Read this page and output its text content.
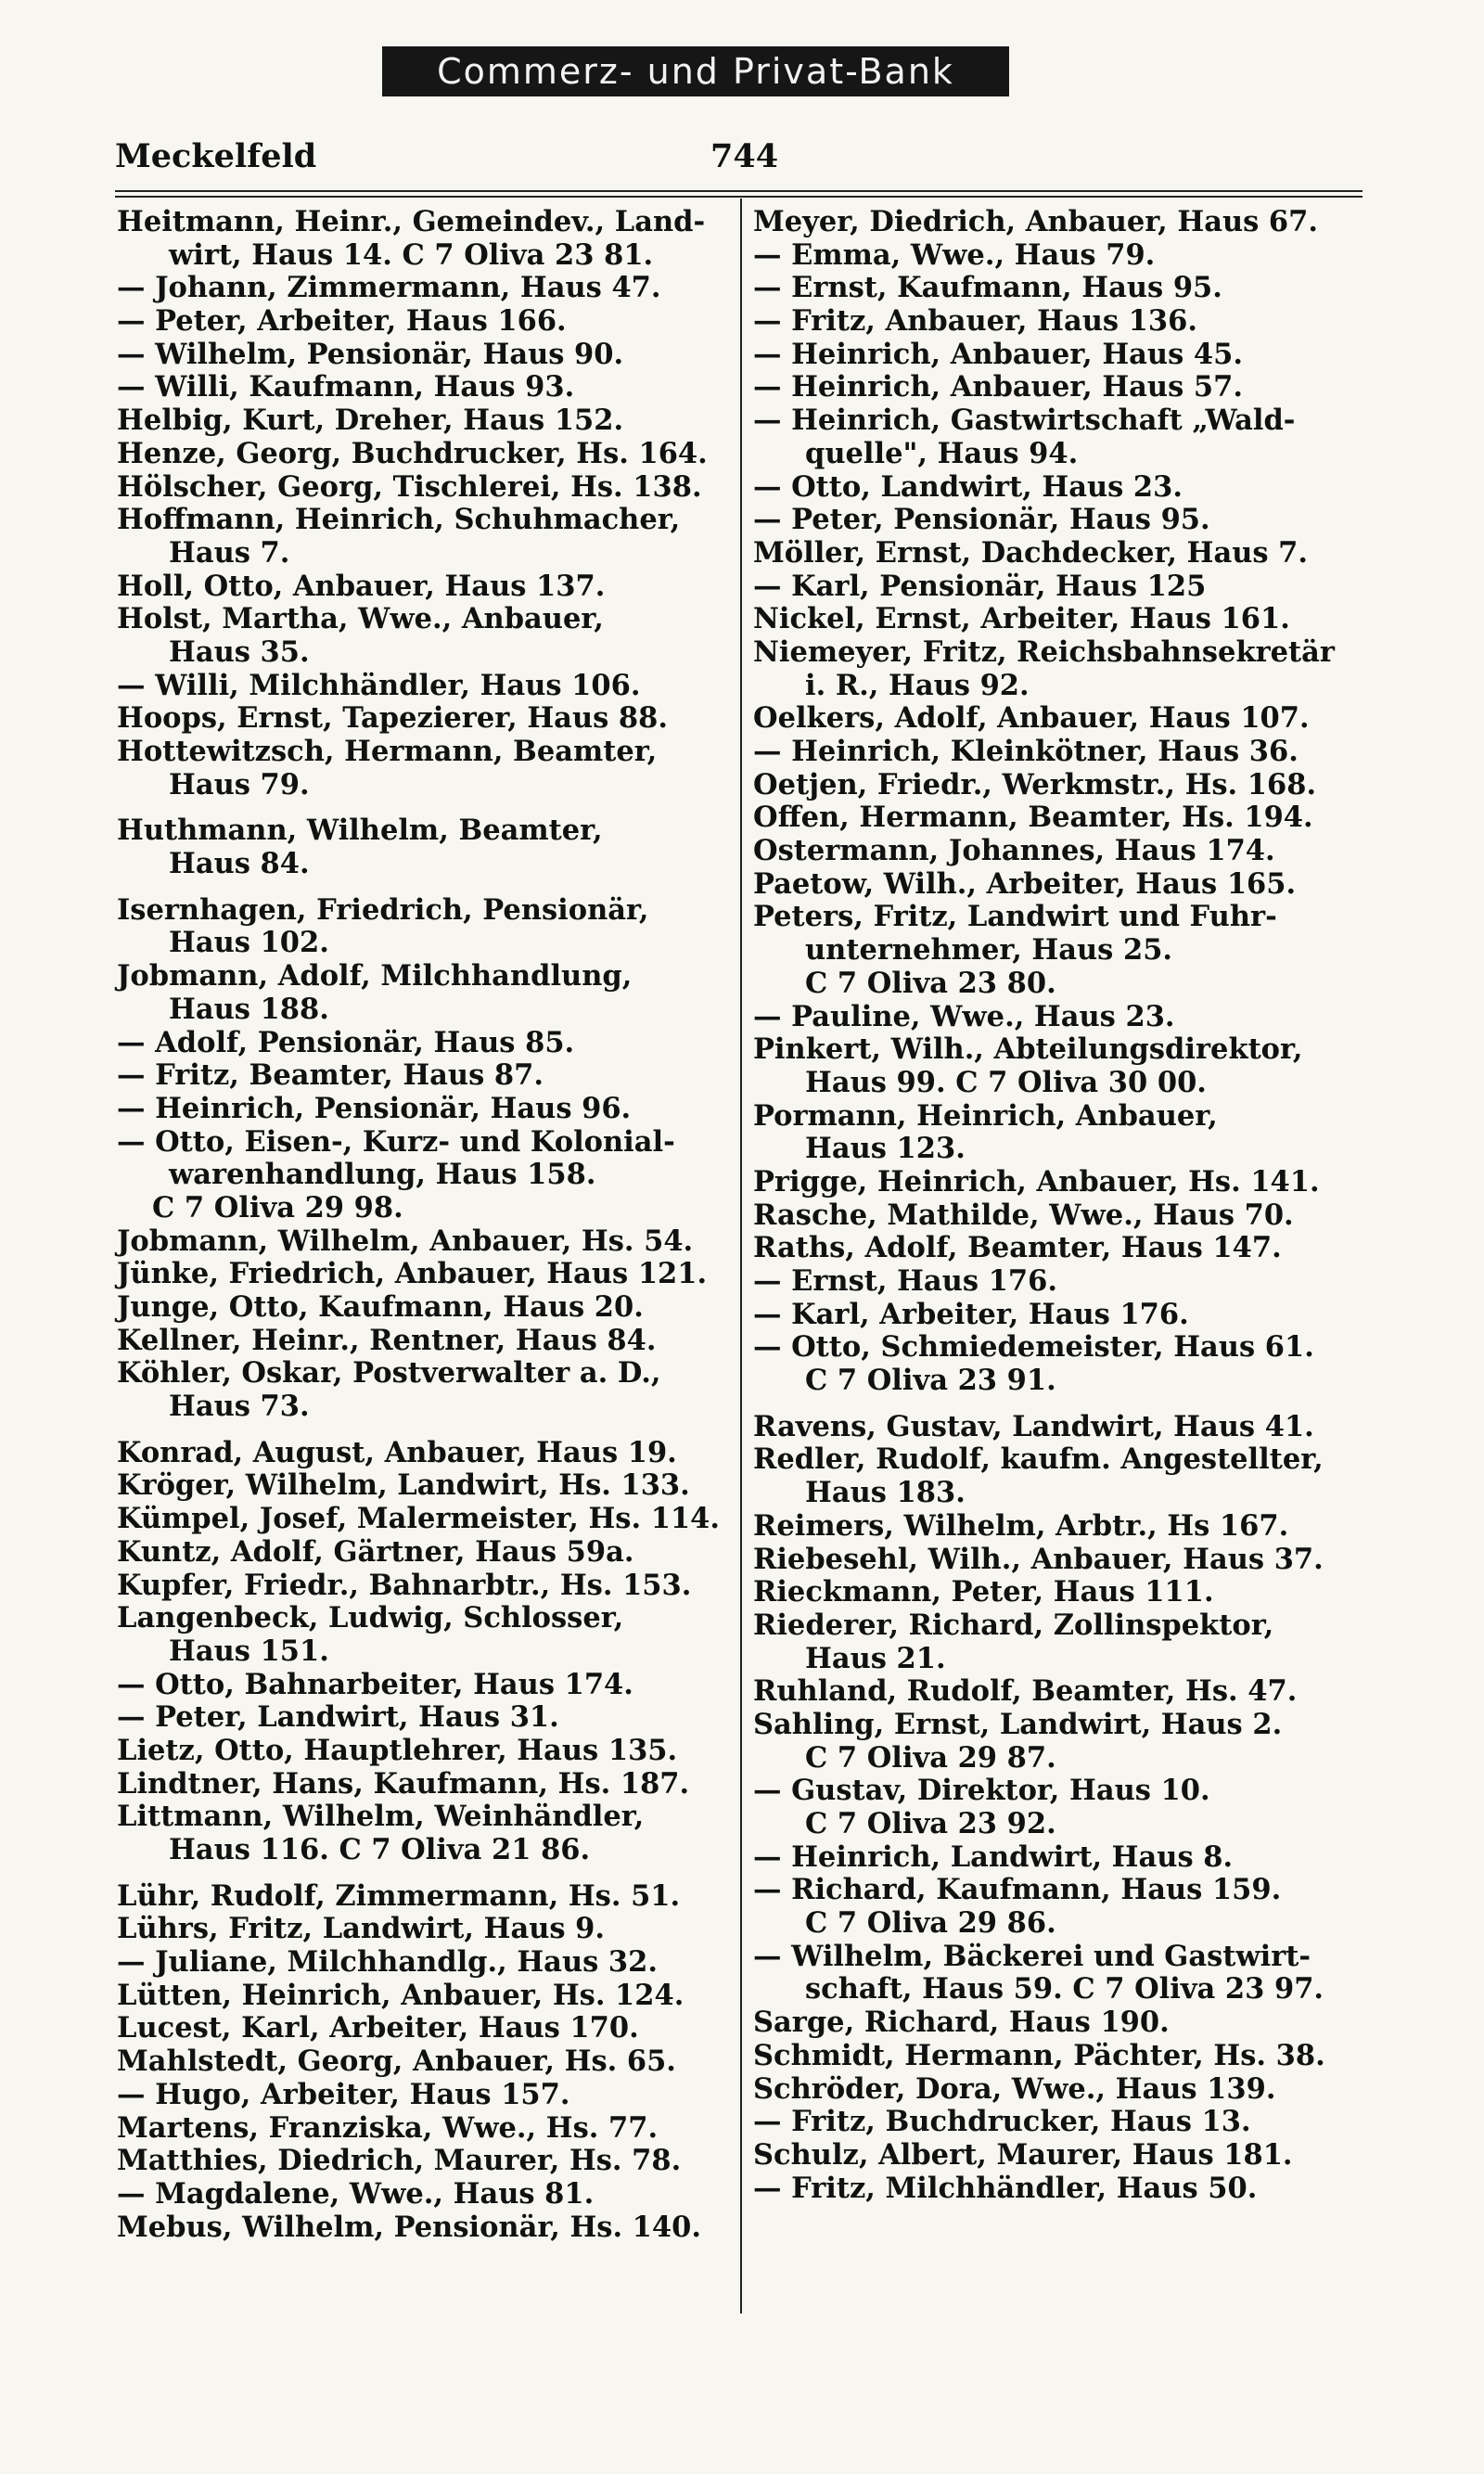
Commerz- und Privat-Bank
Meckelfeld	744
Heitmann, Heinr., Gemeindev., Land-
wirt, Haus 14. C 7 Oliva 23 81.
— Johann, Zimmermann, Haus 47.
— Peter, Arbeiter, Haus 166.
— Wilhelm, Pensionär, Haus 90.
— Willi, Kaufmann, Haus 93.
Helbig, Kurt, Dreher, Haus 152.
Henze, Georg, Buchdrucker, Hs. 164.
Hölscher, Georg, Tischlerei, Hs. 138.
Hoffmann, Heinrich, Schuhmacher,
Haus 7.
Holl, Otto, Anbauer, Haus 137.
Holst, Martha, Wwe., Anbauer,
Haus 35.
— Willi, Milchhändler, Haus 106.
Hoops, Ernst, Tapezierer, Haus 88.
Hottewitzsch, Hermann, Beamter,
Haus 79.
Huthmann, Wilhelm, Beamter,
Haus 84.
Isernhagen, Friedrich, Pensionär,
Haus 102.
Jobmann, Adolf, Milchhandlung,
Haus 188.
— Adolf, Pensionär, Haus 85.
— Fritz, Beamter, Haus 87.
— Heinrich, Pensionär, Haus 96.
— Otto, Eisen-, Kurz- und Kolonial-
warenhandlung, Haus 158.
C 7 Oliva 29 98.
Jobmann, Wilhelm, Anbauer, Hs. 54.
Jünke, Friedrich, Anbauer, Haus 121.
Junge, Otto, Kaufmann, Haus 20.
Kellner, Heinr., Rentner, Haus 84.
Köhler, Oskar, Postverwalter a. D.,
Haus 73.
Konrad, August, Anbauer, Haus 19.
Kröger, Wilhelm, Landwirt, Hs. 133.
Kümpel, Josef, Malermeister, Hs. 114.
Kuntz, Adolf, Gärtner, Haus 59a.
Kupfer, Friedr., Bahnarbtr., Hs. 153.
Langenbeck, Ludwig, Schlosser,
Haus 151.
— Otto, Bahnarbeiter, Haus 174.
— Peter, Landwirt, Haus 31.
Lietz, Otto, Hauptlehrer, Haus 135.
Lindtner, Hans, Kaufmann, Hs. 187.
Littmann, Wilhelm, Weinhändler,
Haus 116. C 7 Oliva 21 86.
Lühr, Rudolf, Zimmermann, Hs. 51.
Lührs, Fritz, Landwirt, Haus 9.
— Juliane, Milchhandlg., Haus 32.
Lütten, Heinrich, Anbauer, Hs. 124.
Lucest, Karl, Arbeiter, Haus 170.
Mahlstedt, Georg, Anbauer, Hs. 65.
— Hugo, Arbeiter, Haus 157.
Martens, Franziska, Wwe., Hs. 77.
Matthies, Diedrich, Maurer, Hs. 78.
— Magdalene, Wwe., Haus 81.
Mebus, Wilhelm, Pensionär, Hs. 140.
Meyer, Diedrich, Anbauer, Haus 67.
— Emma, Wwe., Haus 79.
— Ernst, Kaufmann, Haus 95.
— Fritz, Anbauer, Haus 136.
— Heinrich, Anbauer, Haus 45.
— Heinrich, Anbauer, Haus 57.
— Heinrich, Gastwirtschaft „Wald-
quelle", Haus 94.
— Otto, Landwirt, Haus 23.
— Peter, Pensionär, Haus 95.
Möller, Ernst, Dachdecker, Haus 7.
— Karl, Pensionär, Haus 125
Nickel, Ernst, Arbeiter, Haus 161.
Niemeyer, Fritz, Reichsbahnsekretär
i. R., Haus 92.
Oelkers, Adolf, Anbauer, Haus 107.
— Heinrich, Kleinkötner, Haus 36.
Oetjen, Friedr., Werkmstr., Hs. 168.
Offen, Hermann, Beamter, Hs. 194.
Ostermann, Johannes, Haus 174.
Paetow, Wilh., Arbeiter, Haus 165.
Peters, Fritz, Landwirt und Fuhr-
unternehmer, Haus 25.
C 7 Oliva 23 80.
— Pauline, Wwe., Haus 23.
Pinkert, Wilh., Abteilungsdirektor,
Haus 99. C 7 Oliva 30 00.
Pormann, Heinrich, Anbauer,
Haus 123.
Prigge, Heinrich, Anbauer, Hs. 141.
Rasche, Mathilde, Wwe., Haus 70.
Raths, Adolf, Beamter, Haus 147.
— Ernst, Haus 176.
— Karl, Arbeiter, Haus 176.
— Otto, Schmiedemeister, Haus 61.
C 7 Oliva 23 91.
Ravens, Gustav, Landwirt, Haus 41.
Redler, Rudolf, kaufm. Angestellter,
Haus 183.
Reimers, Wilhelm, Arbtr., Hs 167.
Riebesehl, Wilh., Anbauer, Haus 37.
Rieckmann, Peter, Haus 111.
Riederer, Richard, Zollinspektor,
Haus 21.
Ruhland, Rudolf, Beamter, Hs. 47.
Sahling, Ernst, Landwirt, Haus 2.
C 7 Oliva 29 87.
— Gustav, Direktor, Haus 10.
C 7 Oliva 23 92.
— Heinrich, Landwirt, Haus 8.
— Richard, Kaufmann, Haus 159.
C 7 Oliva 29 86.
— Wilhelm, Bäckerei und Gastwirt-
schaft, Haus 59. C 7 Oliva 23 97.
Sarge, Richard, Haus 190.
Schmidt, Hermann, Pächter, Hs. 38.
Schröder, Dora, Wwe., Haus 139.
— Fritz, Buchdrucker, Haus 13.
Schulz, Albert, Maurer, Haus 181.
— Fritz, Milchhändler, Haus 50.
